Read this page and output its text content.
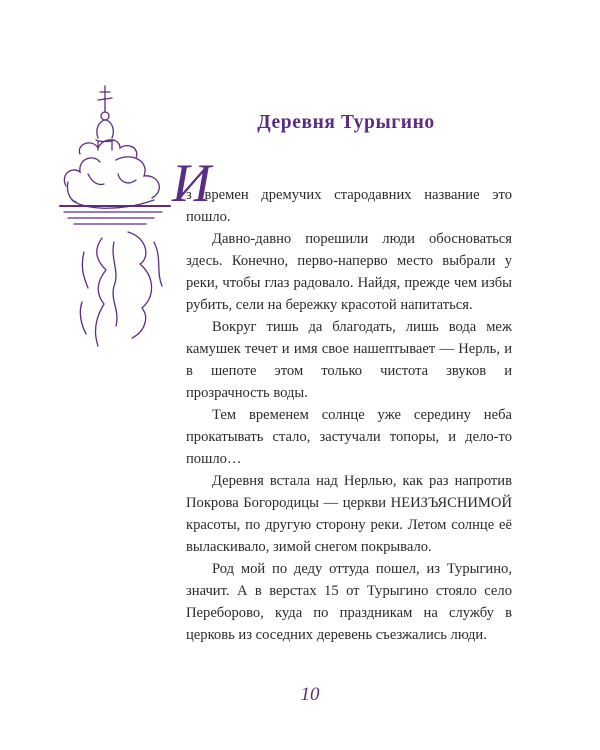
Деревня Турыгино
И

з времен дремучих стародавних название это пошло.

Давно-давно порешили люди обосноваться здесь. Конечно, перво-наперво место выбрали у реки, чтобы глаз радовало. Найдя, прежде чем избы рубить, сели на бережку красотой напитаться.

Вокруг тишь да благодать, лишь вода меж камушек течет и имя свое нашептывает — Нерль, и в шепоте этом только чистота звуков и прозрачность воды.

Тем временем солнце уже середину неба прокатывать стало, застучали топоры, и дело-то пошло…

Деревня встала над Нерлью, как раз напротив Покрова Богородицы — церкви НЕИЗЪЯСНИМОЙ красоты, по другую сторону реки. Летом солнце её выласкивало, зимой снегом покрывало.

Род мой по деду оттуда пошел, из Турыгино, значит. А в верстах 15 от Турыгино стояло село Переборово, куда по праздникам на службу в церковь из соседних деревень съезжались люди.

10
